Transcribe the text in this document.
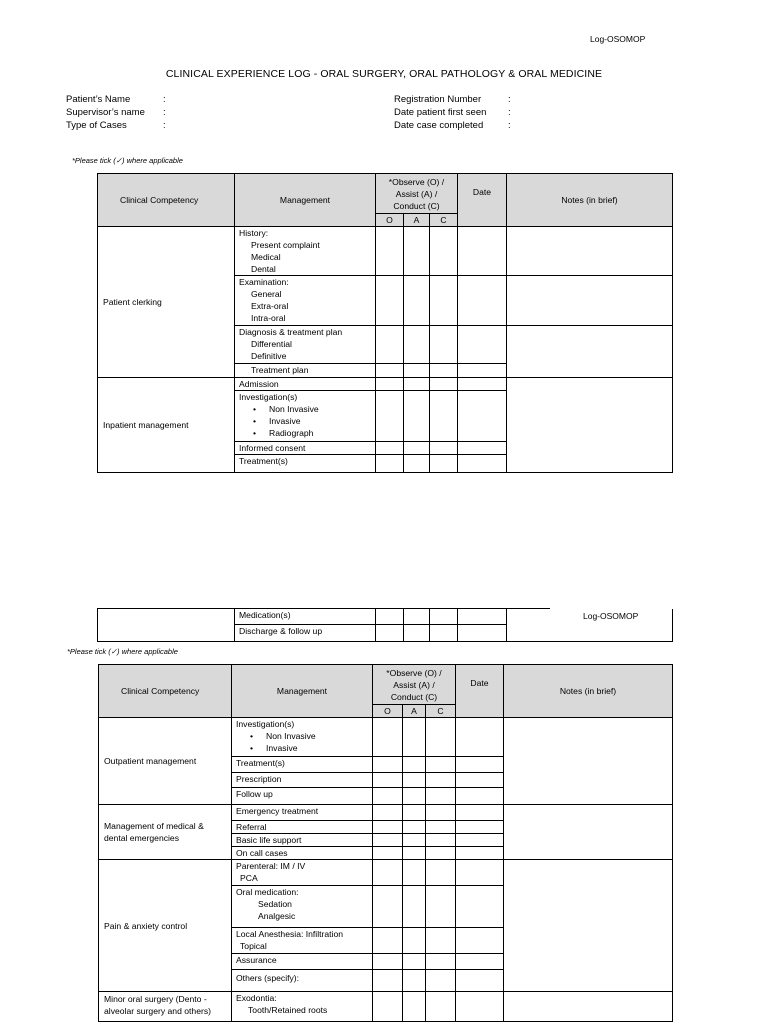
Log-OSOMOP
CLINICAL EXPERIENCE LOG - ORAL SURGERY, ORAL PATHOLOGY & ORAL MEDICINE
Patient’s Name	:
Supervisor’s name :
Type of Cases	:
Registration Number	:
Date patient first seen :
Date case completed	:
*Please tick (✓) where applicable
Clinical Competency	Management	*Observe (O) / Assist (A) / Conduct (C)			Date	Notes (in brief)
		O	A	C		
Patient clerking	History:
Present complaint
Medical
Dental					

	Examination:
General
Extra-oral
Intra-oral					

	Diagnosis & treatment plan
Differential
Definitive					

	Treatment plan					

Inpatient management	Admission					
	Investigation(s)
• Non Invasive
• Invasive
• Radiograph

	Informed consent					
	Treatment(s)					
Log-OSOMOP
	Medication(s)					
	Discharge & follow up					
*Please tick (✓) where applicable
Clinical Competency	Management	*Observe (O) / Assist (A) / Conduct (C)			Date	Notes (in brief)
		O	A	C		
Outpatient management	Investigation(s)
• Non Invasive
• Invasive

	Treatment(s)					
	Prescription					
	Follow up					
Management of medical & dental emergencies	Emergency treatment					
	Referral					
	Basic life support					
	On call cases					
Pain & anxiety control	Parenteral: IM / IV
PCA					

	Oral medication:
Sedation
Analgesic					

	Local Anesthesia: Infiltration
Topical					

	Assurance					
	Others (specify):					
Minor oral surgery (Dento -alveolar surgery and others)	Exodontia:
Tooth/Retained roots					
